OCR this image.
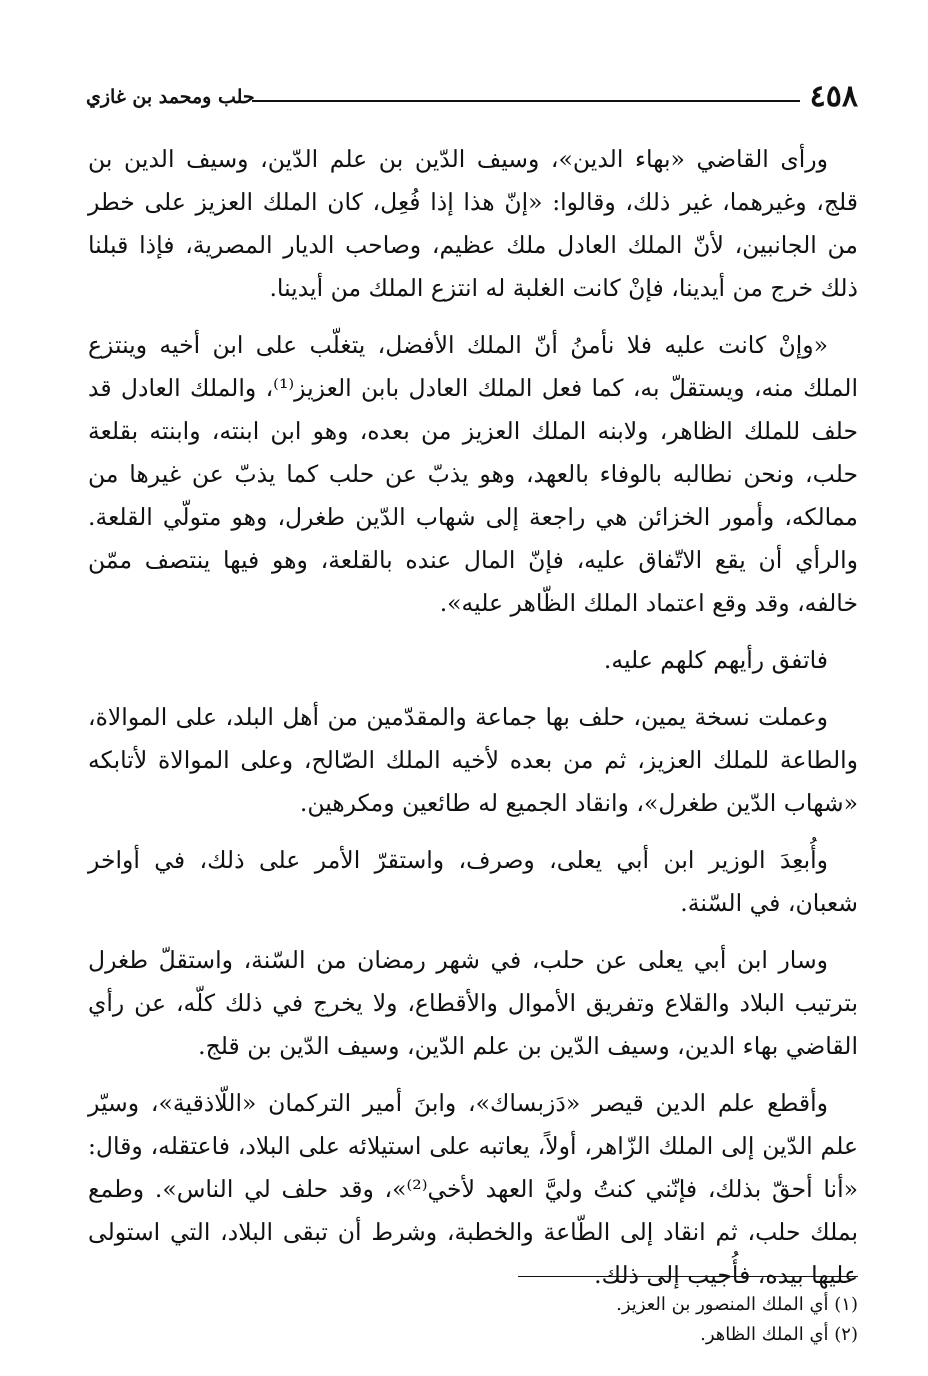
٤٥٨
حلب ومحمد بن غازي

ورأى القاضي «بهاء الدين»، وسيف الدّين بن علم الدّين، وسيف الدين بن قلج، وغيرهما، غير ذلك، وقالوا: «إنّ هذا إذا فُعِل، كان الملك العزيز على خطر من الجانبين، لأنّ الملك العادل ملك عظيم، وصاحب الديار المصرية، فإذا قبلنا ذلك خرج من أيدينا، فإنْ كانت الغلبة له انتزع الملك من أيدينا.

«وإنْ كانت عليه فلا نأمنُ أنّ الملك الأفضل، يتغلّب على ابن أخيه وينتزع الملك منه، ويستقلّ به، كما فعل الملك العادل بابن العزيز⁽¹⁾، والملك العادل قد حلف للملك الظاهر، ولابنه الملك العزيز من بعده، وهو ابن ابنته، وابنته بقلعة حلب، ونحن نطالبه بالوفاء بالعهد، وهو يذبّ عن حلب كما يذبّ عن غيرها من ممالكه، وأمور الخزائن هي راجعة إلى شهاب الدّين طغرل، وهو متولّي القلعة. والرأي أن يقع الاتّفاق عليه، فإنّ المال عنده بالقلعة، وهو فيها ينتصف ممّن خالفه، وقد وقع اعتماد الملك الظّاهر عليه».

فاتفق رأيهم كلهم عليه.

وعملت نسخة يمين، حلف بها جماعة والمقدّمين من أهل البلد، على الموالاة، والطاعة للملك العزيز، ثم من بعده لأخيه الملك الصّالح، وعلى الموالاة لأتابكه «شهاب الدّين طغرل»، وانقاد الجميع له طائعين ومكرهين.

وأُبعِدَ الوزير ابن أبي يعلى، وصرف، واستقرّ الأمر على ذلك، في أواخر شعبان، في السّنة.

وسار ابن أبي يعلى عن حلب، في شهر رمضان من السّنة، واستقلّ طغرل بترتيب البلاد والقلاع وتفريق الأموال والأقطاع، ولا يخرج في ذلك كلّه، عن رأي القاضي بهاء الدين، وسيف الدّين بن علم الدّين، وسيف الدّين بن قلج.

وأقطع علم الدين قيصر «دَزبساك»، وابنَ أمير التركمان «اللّاذقية»، وسيّر علم الدّين إلى الملك الزّاهر، أولاً، يعاتبه على استيلائه على البلاد، فاعتقله، وقال: «أنا أحقّ بذلك، فإنّني كنتُ وليَّ العهد لأخي⁽²⁾»، وقد حلف لي الناس». وطمع بملك حلب، ثم انقاد إلى الطّاعة والخطبة، وشرط أن تبقى البلاد، التي استولى عليها بيده، فأُجيب إلى ذلك.

(١) أي الملك المنصور بن العزيز.

(٢) أي الملك الظاهر.
